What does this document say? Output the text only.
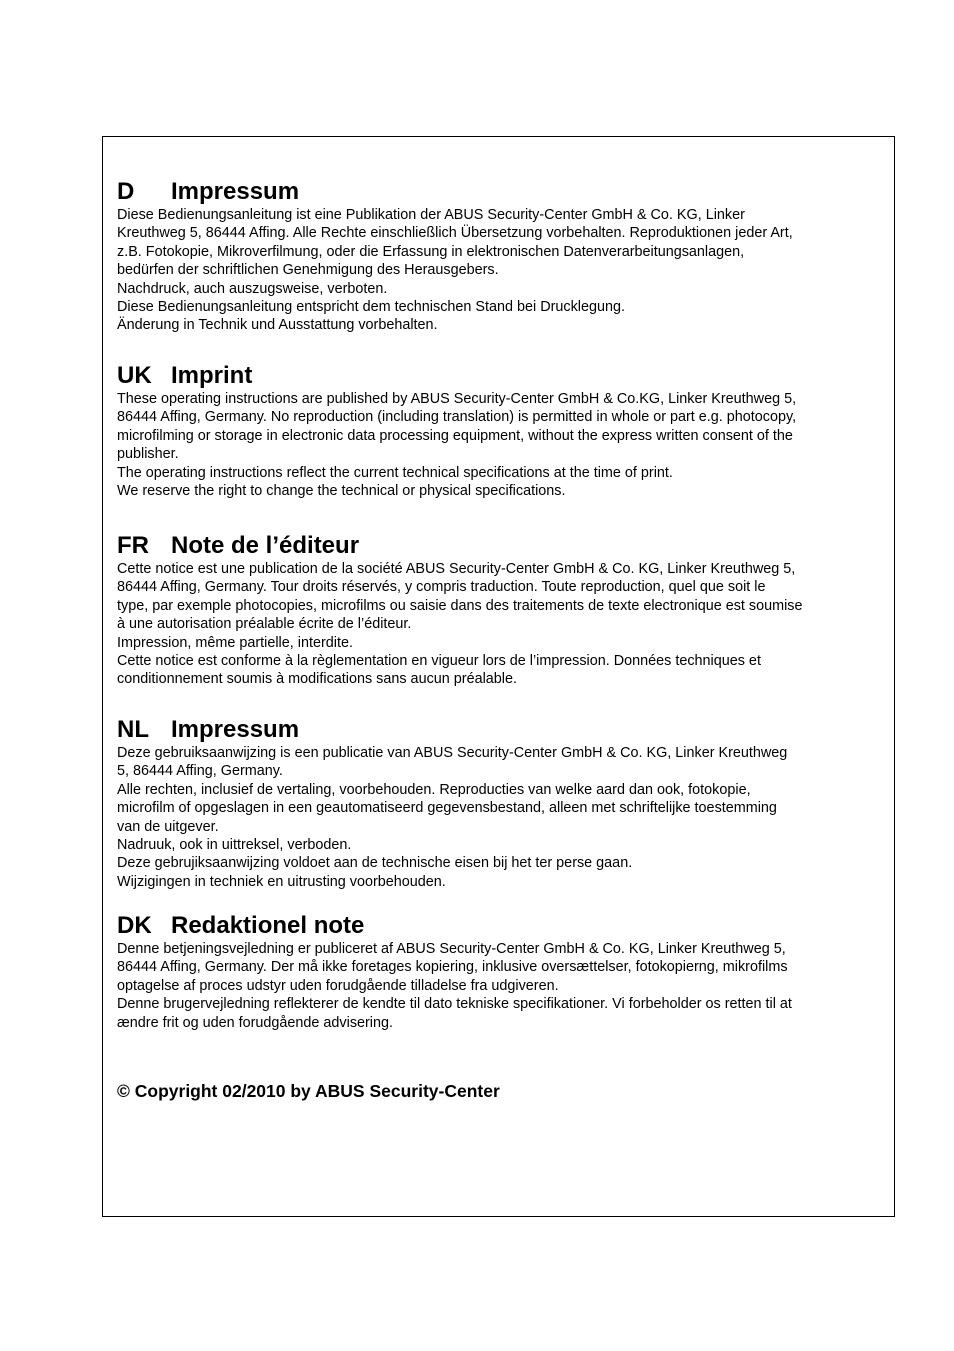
D	Impressum

Diese Bedienungsanleitung ist eine Publikation der ABUS Security-Center GmbH & Co. KG, Linker

Kreuthweg 5, 86444 Affing. Alle Rechte einschließlich Übersetzung vorbehalten. Reproduktionen jeder Art,

z.B. Fotokopie, Mikroverfilmung, oder die Erfassung in elektronischen Datenverarbeitungsanlagen,

bedürfen der schriftlichen Genehmigung des Herausgebers.

Nachdruck, auch auszugsweise, verboten.

Diese Bedienungsanleitung entspricht dem technischen Stand bei Drucklegung.

Änderung in Technik und Ausstattung vorbehalten.

UK Imprint

These operating instructions are published by ABUS Security-Center GmbH & Co.KG, Linker Kreuthweg 5,

86444 Affing, Germany. No reproduction (including translation) is permitted in whole or part e.g. photocopy,

microfilming or storage in electronic data processing equipment, without the express written consent of the

publisher.

The operating instructions reflect the current technical specifications at the time of print.

We reserve the right to change the technical or physical specifications.

FR Note de l’éditeur

Cette notice est une publication de la société ABUS Security-Center GmbH & Co. KG, Linker Kreuthweg 5,

86444 Affing, Germany. Tour droits réservés, y compris traduction. Toute reproduction, quel que soit le

type, par exemple photocopies, microfilms ou saisie dans des traitements de texte electronique est soumise

à une autorisation préalable écrite de l’éditeur.

Impression, même partielle, interdite.

Cette notice est conforme à la règlementation en vigueur lors de l’impression. Données techniques et

conditionnement soumis à modifications sans aucun préalable.

NL Impressum

Deze gebruiksaanwijzing is een publicatie van ABUS Security-Center GmbH & Co. KG, Linker Kreuthweg

5, 86444 Affing, Germany.

Alle rechten, inclusief de vertaling, voorbehouden. Reproducties van welke aard dan ook, fotokopie,

microfilm of opgeslagen in een geautomatiseerd gegevensbestand, alleen met schriftelijke toestemming

van de uitgever.

Nadruuk, ook in uittreksel, verboden.

Deze gebrujiksaanwijzing voldoet aan de technische eisen bij het ter perse gaan.

Wijzigingen in techniek en uitrusting voorbehouden.

DK Redaktionel note

Denne betjeningsvejledning er publiceret af ABUS Security-Center GmbH & Co. KG, Linker Kreuthweg 5,

86444 Affing, Germany. Der må ikke foretages kopiering, inklusive oversættelser, fotokopierng, mikrofilms

optagelse af proces udstyr uden forudgående tilladelse fra udgiveren.

Denne brugervejledning reflekterer de kendte til dato tekniske specifikationer. Vi forbeholder os retten til at

ændre frit og uden forudgående advisering.

© Copyright 02/2010 by ABUS Security-Center
